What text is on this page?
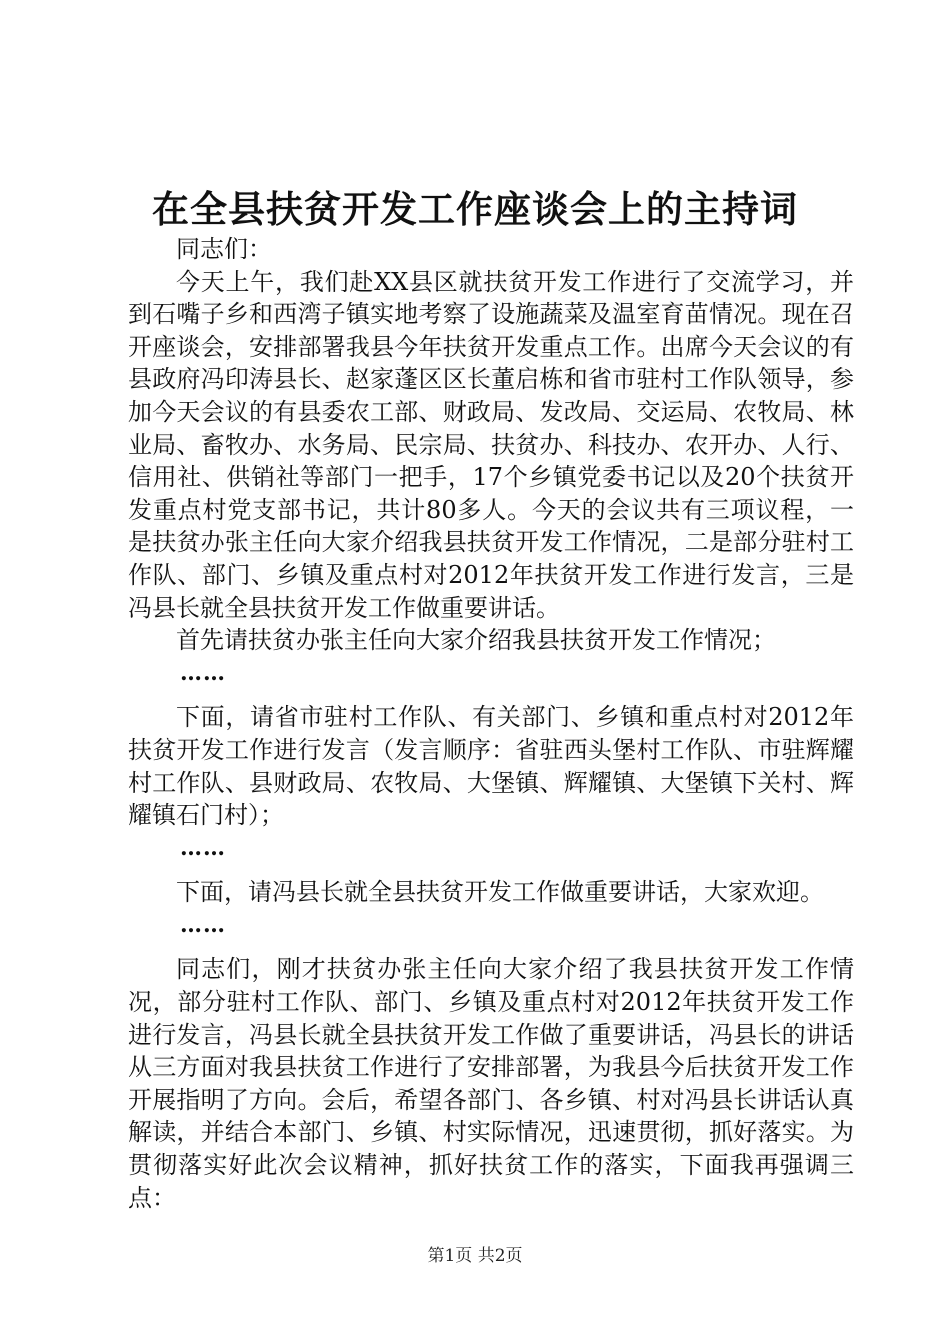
在全县扶贫开发工作座谈会上的主持词

同志们：

今天上午，我们赴XX县区就扶贫开发工作进行了交流学习，并到石嘴子乡和西湾子镇实地考察了设施蔬菜及温室育苗情况。现在召开座谈会，安排部署我县今年扶贫开发重点工作。出席今天会议的有县政府冯印涛县长、赵家蓬区区长董启栋和省市驻村工作队领导，参加今天会议的有县委农工部、财政局、发改局、交运局、农牧局、林业局、畜牧办、水务局、民宗局、扶贫办、科技办、农开办、人行、信用社、供销社等部门一把手，17个乡镇党委书记以及20个扶贫开发重点村党支部书记，共计80多人。今天的会议共有三项议程，一是扶贫办张主任向大家介绍我县扶贫开发工作情况，二是部分驻村工作队、部门、乡镇及重点村对2012年扶贫开发工作进行发言，三是冯县长就全县扶贫开发工作做重要讲话。

首先请扶贫办张主任向大家介绍我县扶贫开发工作情况；

……

下面，请省市驻村工作队、有关部门、乡镇和重点村对2012年扶贫开发工作进行发言（发言顺序：省驻西头堡村工作队、市驻辉耀村工作队、县财政局、农牧局、大堡镇、辉耀镇、大堡镇下关村、辉耀镇石门村）；

……

下面，请冯县长就全县扶贫开发工作做重要讲话，大家欢迎。

……

同志们，刚才扶贫办张主任向大家介绍了我县扶贫开发工作情况，部分驻村工作队、部门、乡镇及重点村对2012年扶贫开发工作进行发言，冯县长就全县扶贫开发工作做了重要讲话，冯县长的讲话从三方面对我县扶贫工作进行了安排部署，为我县今后扶贫开发工作开展指明了方向。会后，希望各部门、各乡镇、村对冯县长讲话认真解读，并结合本部门、乡镇、村实际情况，迅速贯彻，抓好落实。为贯彻落实好此次会议精神，抓好扶贫工作的落实，下面我再强调三点：

第1页 共2页
